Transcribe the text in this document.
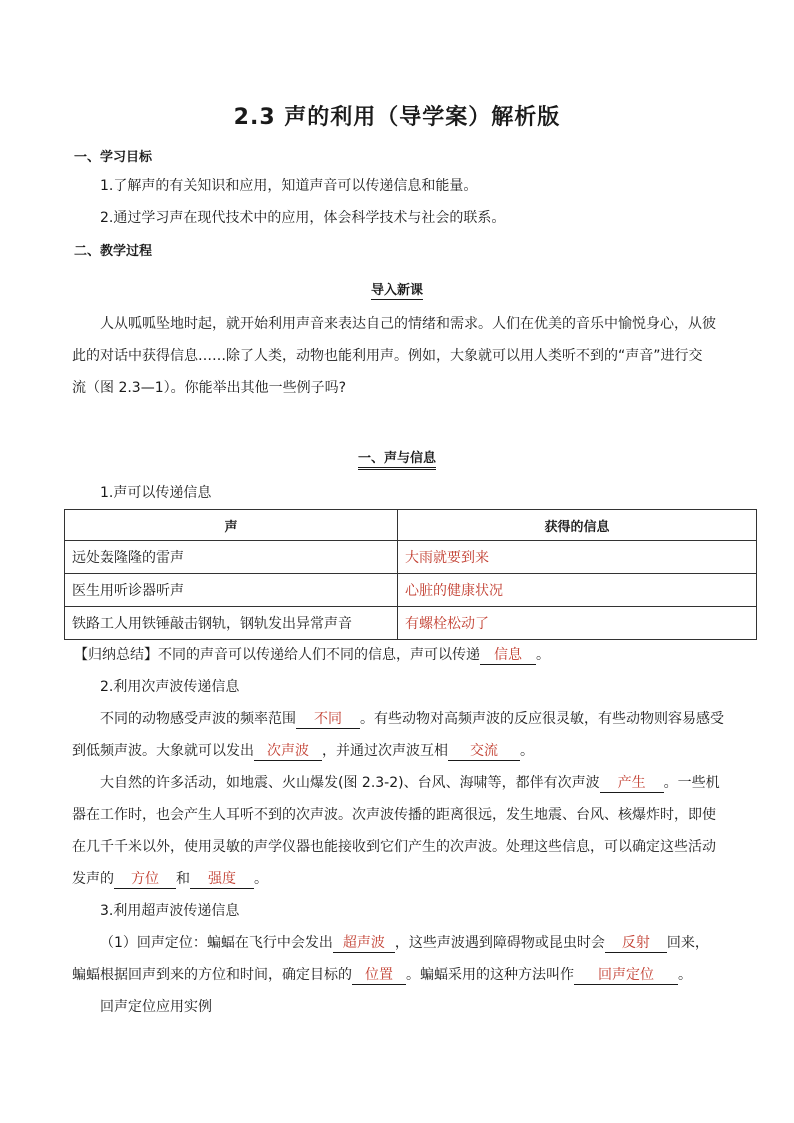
2.3 声的利用（导学案）解析版
一、学习目标
1.了解声的有关知识和应用，知道声音可以传递信息和能量。
2.通过学习声在现代技术中的应用，体会科学技术与社会的联系。
二、教学过程
导入新课
人从呱呱坠地时起，就开始利用声音来表达自己的情绪和需求。人们在优美的音乐中愉悦身心，从彼
此的对话中获得信息……除了人类，动物也能利用声。例如，大象就可以用人类听不到的“声音”进行交
流（图 2.3—1）。你能举出其他一些例子吗?
一、声与信息
1.声可以传递信息
声	获得的信息
远处轰隆隆的雷声	大雨就要到来
医生用听诊器听声	心脏的健康状况
铁路工人用铁锤敲击钢轨，钢轨发出异常声音	有螺栓松动了
【归纳总结】不同的声音可以传递给人们不同的信息，声可以传递 信息 。
2.利用次声波传递信息
不同的动物感受声波的频率范围 不同 。有些动物对高频声波的反应很灵敏，有些动物则容易感受
到低频声波。大象就可以发出 次声波 ，并通过次声波互相 交流 。
大自然的许多活动，如地震、火山爆发(图 2.3-2)、台风、海啸等，都伴有次声波 产生 。一些机
器在工作时，也会产生人耳听不到的次声波。次声波传播的距离很远，发生地震、台风、核爆炸时，即使
在几千千米以外，使用灵敏的声学仪器也能接收到它们产生的次声波。处理这些信息，可以确定这些活动
发声的 方位 和 强度 。
3.利用超声波传递信息
（1）回声定位：蝙蝠在飞行中会发出 超声波 ，这些声波遇到障碍物或昆虫时会 反射 回来，
蝙蝠根据回声到来的方位和时间，确定目标的 位置 。蝙蝠采用的这种方法叫作 回声定位 。
回声定位应用实例
